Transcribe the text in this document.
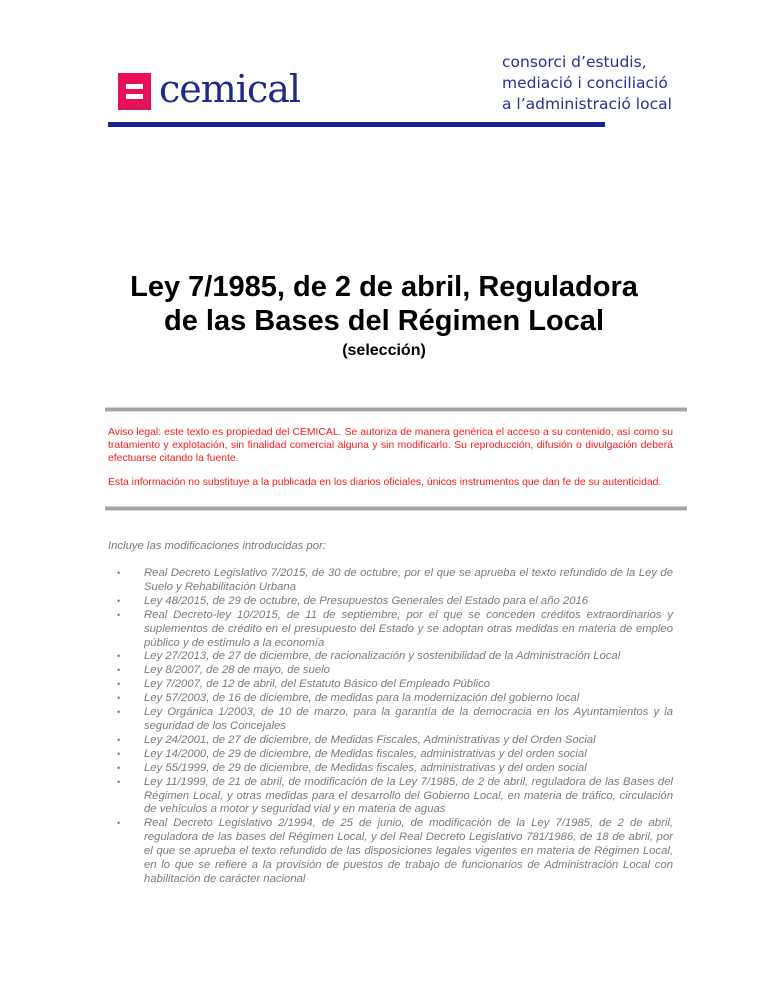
cemical
consorci d’estudis,
mediació i conciliació
a l’administració local
Ley 7/1985, de 2 de abril, Reguladora
de las Bases del Régimen Local
(selección)

Aviso legal: este texto es propiedad del CEMICAL. Se autoriza de manera genérica el acceso a su contenido, así como su tratamiento y explotación, sin finalidad comercial alguna y sin modificarlo. Su reproducción, difusión o divulgación deberá efectuarse citando la fuente.

Esta información no substituye a la publicada en los diarios oficiales, únicos instrumentos que dan fe de su autenticidad.

Incluye las modificaciones introducidas por:
• Real Decreto Legislativo 7/2015, de 30 de octubre, por el que se aprueba el texto refundido de la Ley de Suelo y Rehabilitación Urbana
• Ley 48/2015, de 29 de octubre, de Presupuestos Generales del Estado para el año 2016
• Real Decreto-ley 10/2015, de 11 de septiembre, por el que se conceden créditos extraordinarios y suplementos de crédito en el presupuesto del Estado y se adoptan otras medidas en materia de empleo público y de estímulo a la economía
• Ley 27/2013, de 27 de diciembre, de racionalización y sostenibilidad de la Administración Local
• Ley 8/2007, de 28 de mayo, de suelo
• Ley 7/2007, de 12 de abril, del Estatuto Básico del Empleado Público
• Ley 57/2003, de 16 de diciembre, de medidas para la modernización del gobierno local
• Ley Orgánica 1/2003, de 10 de marzo, para la garantía de la democracia en los Ayuntamientos y la seguridad de los Concejales
• Ley 24/2001, de 27 de diciembre, de Medidas Fiscales, Administrativas y del Orden Social
• Ley 14/2000, de 29 de diciembre, de Medidas fiscales, administrativas y del orden social
• Ley 55/1999, de 29 de diciembre, de Medidas fiscales, administrativas y del orden social
• Ley 11/1999, de 21 de abril, de modificación de la Ley 7/1985, de 2 de abril, reguladora de las Bases del Régimen Local, y otras medidas para el desarrollo del Gobierno Local, en materia de tráfico, circulación de vehículos a motor y seguridad vial y en materia de aguas
• Real Decreto Legislativo 2/1994, de 25 de junio, de modificación de la Ley 7/1985, de 2 de abril, reguladora de las bases del Régimen Local, y del Real Decreto Legislativo 781/1986, de 18 de abril, por el que se aprueba el texto refundido de las disposiciones legales vigentes en materia de Régimen Local, en lo que se refiere a la provisión de puestos de trabajo de funcionarios de Administración Local con habilitación de carácter nacional
